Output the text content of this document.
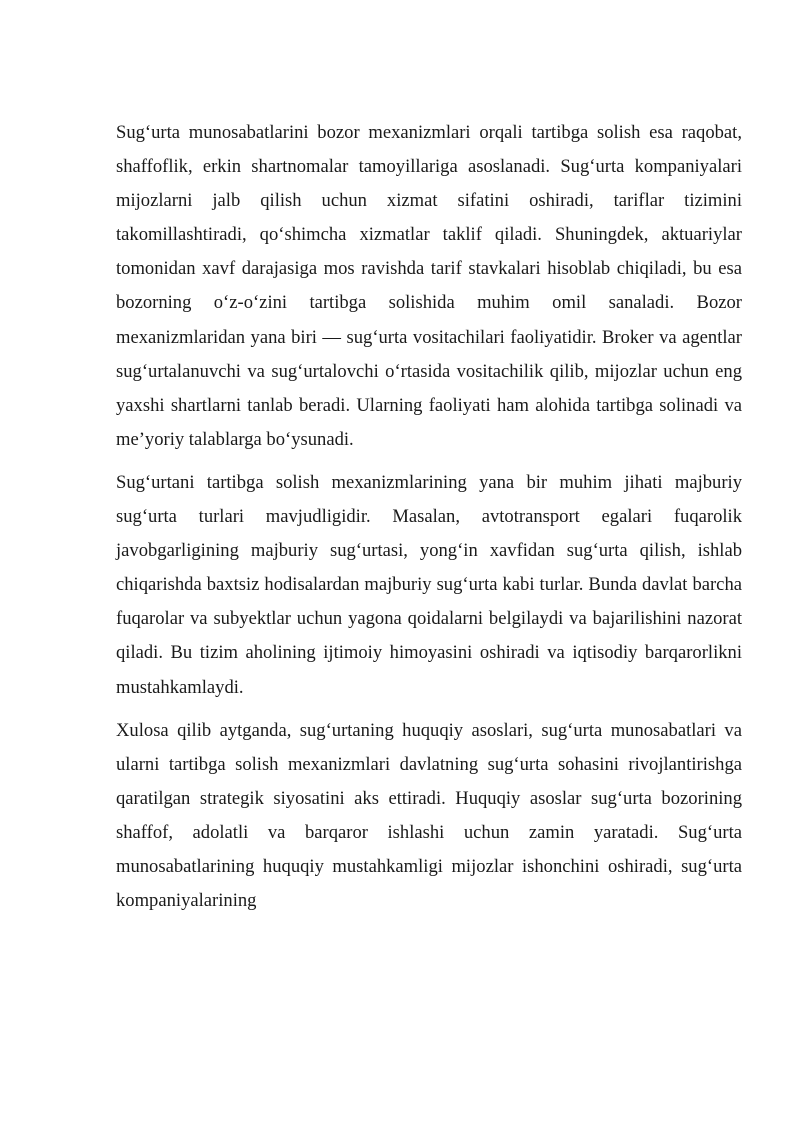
Sug‘urta munosabatlarini bozor mexanizmlari orqali tartibga solish esa raqobat, shaffoflik, erkin shartnomalar tamoyillariga asoslanadi. Sug‘urta kompaniyalari mijozlarni jalb qilish uchun xizmat sifatini oshiradi, tariflar tizimini takomillashtiradi, qo‘shimcha xizmatlar taklif qiladi. Shuningdek, aktuariylar tomonidan xavf darajasiga mos ravishda tarif stavkalari hisoblab chiqiladi, bu esa bozorning o‘z-o‘zini tartibga solishida muhim omil sanaladi. Bozor mexanizmlaridan yana biri — sug‘urta vositachilari faoliyatidir. Broker va agentlar sug‘urtalanuvchi va sug‘urtalovchi o‘rtasida vositachilik qilib, mijozlar uchun eng yaxshi shartlarni tanlab beradi. Ularning faoliyati ham alohida tartibga solinadi va me’yoriy talablarga bo‘ysunadi.

Sug‘urtani tartibga solish mexanizmlarining yana bir muhim jihati majburiy sug‘urta turlari mavjudligidir. Masalan, avtotransport egalari fuqarolik javobgarligining majburiy sug‘urtasi, yong‘in xavfidan sug‘urta qilish, ishlab chiqarishda baxtsiz hodisalardan majburiy sug‘urta kabi turlar. Bunda davlat barcha fuqarolar va subyektlar uchun yagona qoidalarni belgilaydi va bajarilishini nazorat qiladi. Bu tizim aholining ijtimoiy himoyasini oshiradi va iqtisodiy barqarorlikni mustahkamlaydi.

Xulosa qilib aytganda, sug‘urtaning huquqiy asoslari, sug‘urta munosabatlari va ularni tartibga solish mexanizmlari davlatning sug‘urta sohasini rivojlantirishga qaratilgan strategik siyosatini aks ettiradi. Huquqiy asoslar sug‘urta bozorining shaffof, adolatli va barqaror ishlashi uchun zamin yaratadi. Sug‘urta munosabatlarining huquqiy mustahkamligi mijozlar ishonchini oshiradi, sug‘urta kompaniyalarining
